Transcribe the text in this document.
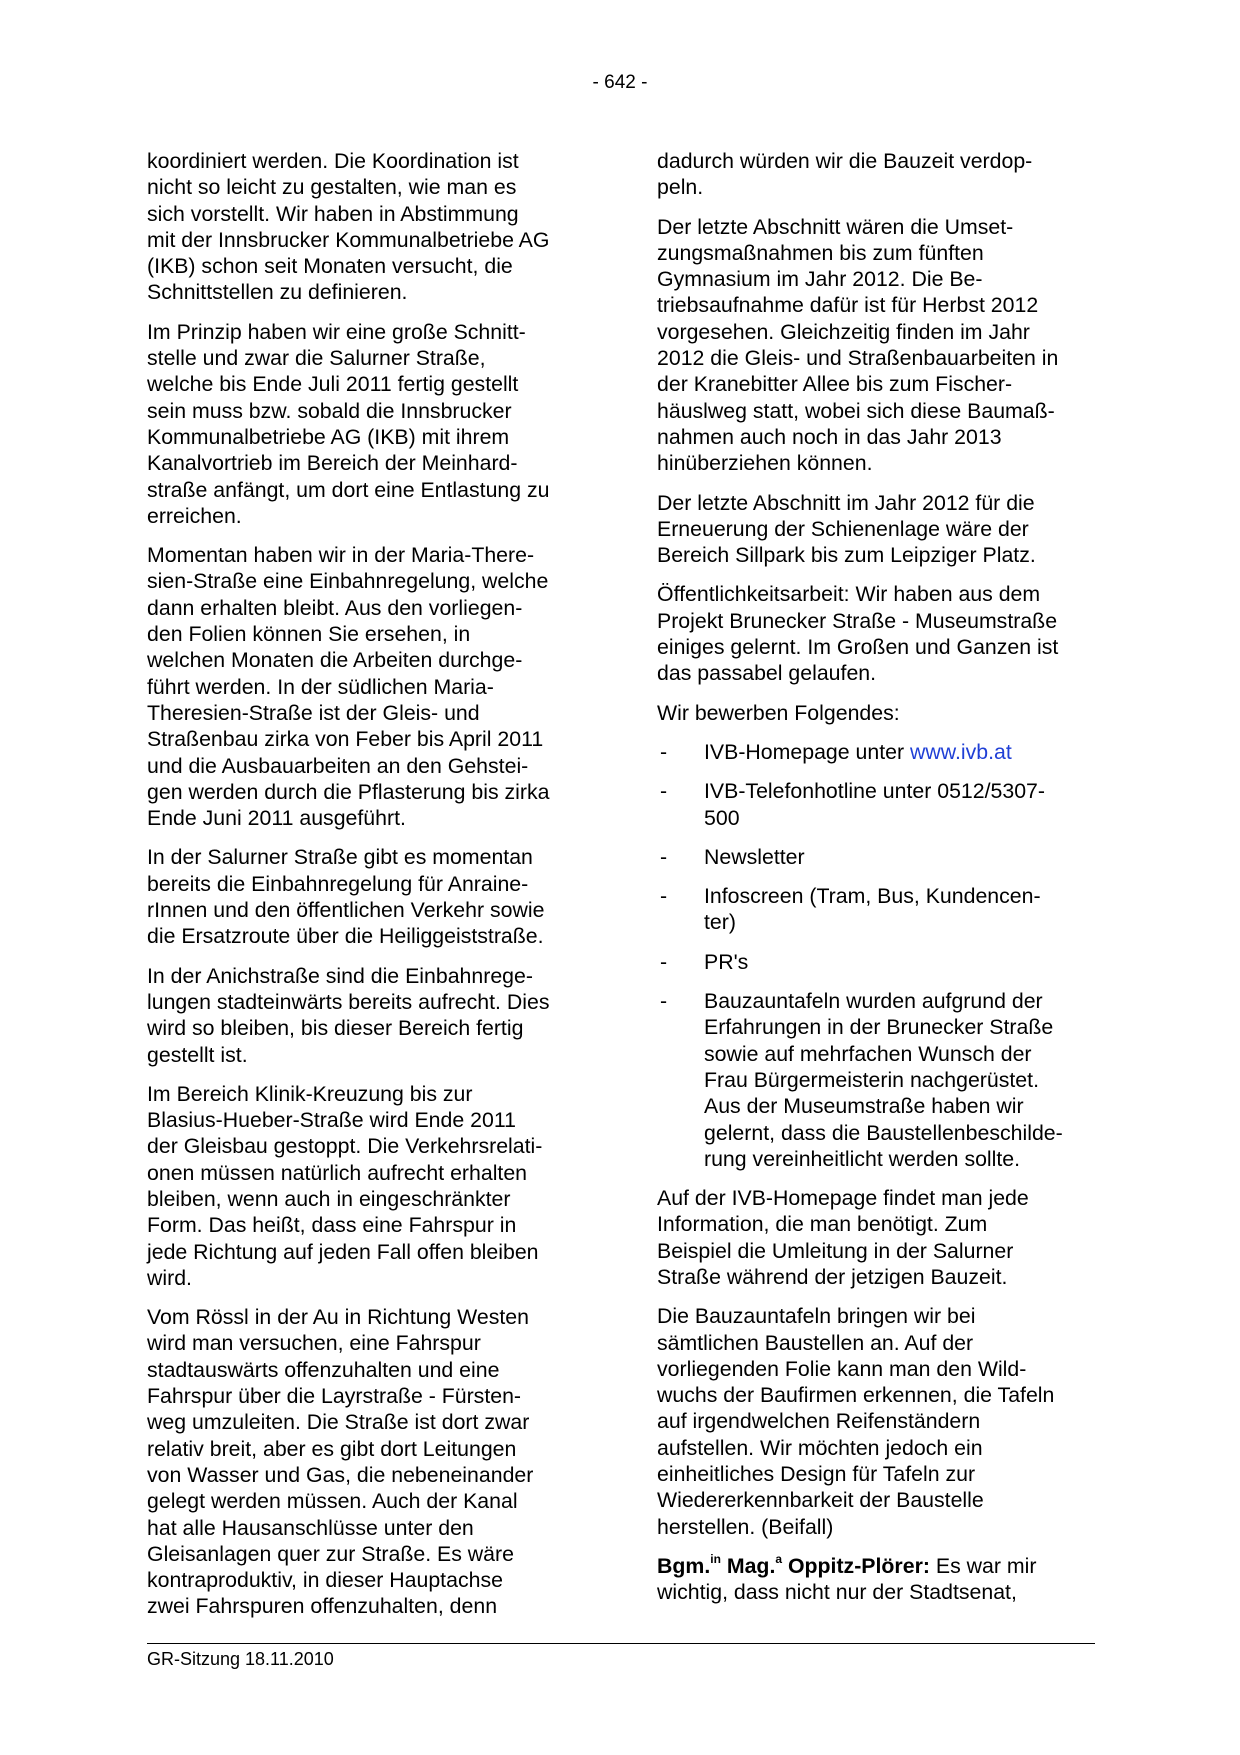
- 642 -

koordiniert werden. Die Koordination ist
nicht so leicht zu gestalten, wie man es
sich vorstellt. Wir haben in Abstimmung
mit der Innsbrucker Kommunalbetriebe AG
(IKB) schon seit Monaten versucht, die
Schnittstellen zu definieren.

Im Prinzip haben wir eine große Schnitt-
stelle und zwar die Salurner Straße,
welche bis Ende Juli 2011 fertig gestellt
sein muss bzw. sobald die Innsbrucker
Kommunalbetriebe AG (IKB) mit ihrem
Kanalvortrieb im Bereich der Meinhard-
straße anfängt, um dort eine Entlastung zu
erreichen.

Momentan haben wir in der Maria-There-
sien-Straße eine Einbahnregelung, welche
dann erhalten bleibt. Aus den vorliegen-
den Folien können Sie ersehen, in
welchen Monaten die Arbeiten durchge-
führt werden. In der südlichen Maria-
Theresien-Straße ist der Gleis- und
Straßenbau zirka von Feber bis April 2011
und die Ausbauarbeiten an den Gehstei-
gen werden durch die Pflasterung bis zirka
Ende Juni 2011 ausgeführt.

In der Salurner Straße gibt es momentan
bereits die Einbahnregelung für Anraine-
rInnen und den öffentlichen Verkehr sowie
die Ersatzroute über die Heiliggeiststraße.

In der Anichstraße sind die Einbahnrege-
lungen stadteinwärts bereits aufrecht. Dies
wird so bleiben, bis dieser Bereich fertig
gestellt ist.

Im Bereich Klinik-Kreuzung bis zur
Blasius-Hueber-Straße wird Ende 2011
der Gleisbau gestoppt. Die Verkehrsrelati-
onen müssen natürlich aufrecht erhalten
bleiben, wenn auch in eingeschränkter
Form. Das heißt, dass eine Fahrspur in
jede Richtung auf jeden Fall offen bleiben
wird.

Vom Rössl in der Au in Richtung Westen
wird man versuchen, eine Fahrspur
stadtauswärts offenzuhalten und eine
Fahrspur über die Layrstraße - Fürsten-
weg umzuleiten. Die Straße ist dort zwar
relativ breit, aber es gibt dort Leitungen
von Wasser und Gas, die nebeneinander
gelegt werden müssen. Auch der Kanal
hat alle Hausanschlüsse unter den
Gleisanlagen quer zur Straße. Es wäre
kontraproduktiv, in dieser Hauptachse
zwei Fahrspuren offenzuhalten, denn

dadurch würden wir die Bauzeit verdop-
peln.

Der letzte Abschnitt wären die Umset-
zungsmaßnahmen bis zum fünften
Gymnasium im Jahr 2012. Die Be-
triebsaufnahme dafür ist für Herbst 2012
vorgesehen. Gleichzeitig finden im Jahr
2012 die Gleis- und Straßenbauarbeiten in
der Kranebitter Allee bis zum Fischer-
häuslweg statt, wobei sich diese Baumaß-
nahmen auch noch in das Jahr 2013
hinüberziehen können.

Der letzte Abschnitt im Jahr 2012 für die
Erneuerung der Schienenlage wäre der
Bereich Sillpark bis zum Leipziger Platz.

Öffentlichkeitsarbeit: Wir haben aus dem
Projekt Brunecker Straße - Museumstraße
einiges gelernt. Im Großen und Ganzen ist
das passabel gelaufen.

Wir bewerben Folgendes:

- IVB-Homepage unter www.ivb.at
- IVB-Telefonhotline unter 0512/5307-
500
- Newsletter
- Infoscreen (Tram, Bus, Kundencen-
ter)
- PR's
- Bauzauntafeln wurden aufgrund der
Erfahrungen in der Brunecker Straße
sowie auf mehrfachen Wunsch der
Frau Bürgermeisterin nachgerüstet.
Aus der Museumstraße haben wir
gelernt, dass die Baustellenbeschilde-
rung vereinheitlicht werden sollte.

Auf der IVB-Homepage findet man jede
Information, die man benötigt. Zum
Beispiel die Umleitung in der Salurner
Straße während der jetzigen Bauzeit.

Die Bauzauntafeln bringen wir bei
sämtlichen Baustellen an. Auf der
vorliegenden Folie kann man den Wild-
wuchs der Baufirmen erkennen, die Tafeln
auf irgendwelchen Reifenständern
aufstellen. Wir möchten jedoch ein
einheitliches Design für Tafeln zur
Wiedererkennbarkeit der Baustelle
herstellen. (Beifall)

Bgm.$^{in}$ Mag.$^a$ Oppitz-Plörer: Es war mir
wichtig, dass nicht nur der Stadtsenat,

GR-Sitzung 18.11.2010
